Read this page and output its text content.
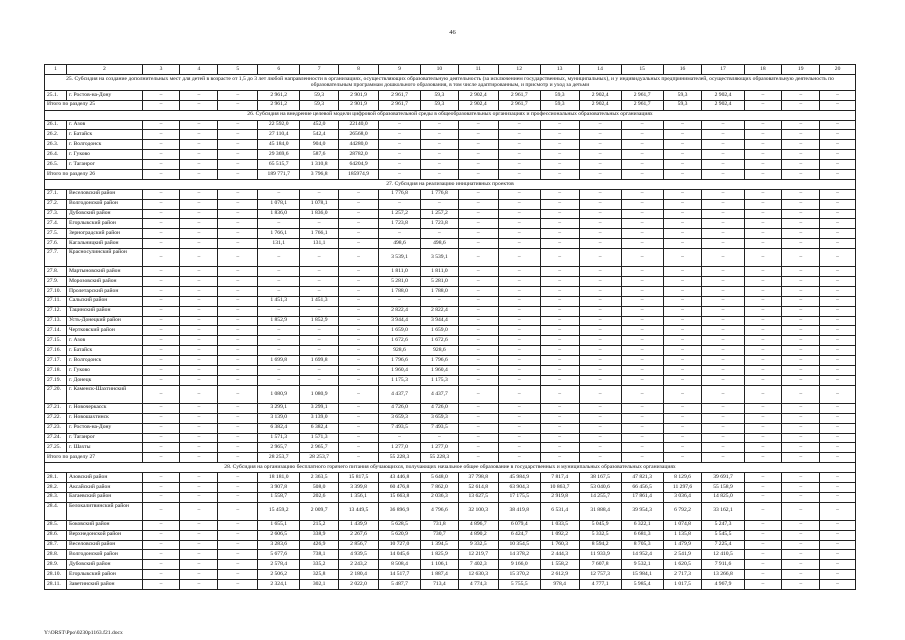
46
1	2	3	4	5	6	7	8	9	10	11	12	13	14	15	16	17	18	19	20
25. Субсидия на создание дополнительных мест для детей в возрасте от 1,5 до 3 лет любой направленности в организациях, осуществляющих образовательную деятельность (за исключением государственных, муниципальных), и у индивидуальных предпринимателей, осуществляющих образовательную деятельность по образовательным программам дошкольного образования, в том числе адаптированным, и присмотр и уход за детьми																			
25.1.	г. Ростов-на-Дону	–	–	–	2 961,2	59,3	2 901,9	2 961,7	59,3	2 902,4	2 961,7	59,3	2 902,4	2 961,7	59,3	2 902,4	–	–	–
Итого по разделу 25		–	–	–	2 961,2	59,3	2 901,9	2 961,7	59,3	2 902,4	2 961,7	59,3	2 902,4	2 961,7	59,3	2 902,4	–	–	–
26. Субсидия на внедрение целевой модели цифровой образовательной среды в общеобразовательных организациях и профессиональных образовательных организациях																			
26.1.	г. Азов	–	–	–	22 592,0	452,0	22140,0	–	–	–	–	–	–	–	–	–	–	–	–
26.2.	г. Батайск	–	–	–	27 110,4	542,4	26568,0	–	–	–	–	–	–	–	–	–	–	–	–
26.3.	г. Волгодонск	–	–	–	45 184,0	904,0	44280,0	–	–	–	–	–	–	–	–	–	–	–	–
26.4.	г. Гуково	–	–	–	29 369,6	587,6	28782,0	–	–	–	–	–	–	–	–	–	–	–	–
26.5.	г. Таганрог	–	–	–	65 515,7	1 310,8	64204,9	–	–	–	–	–	–	–	–	–	–	–	–
Итого по разделу 26		–	–	–	189 771,7	3 796,8	185974,9	–	–	–	–	–	–	–	–	–	–	–	–
27. Субсидия на реализацию инициативных проектов																			
27.1.	Веселовский район	–	–	–	–	–	–	1 776,8	1 776,8	–	–	–	–	–	–	–	–	–	–
27.2.	Волгодонской район	–	–	–	1 078,1	1 078,1	–	–	–	–	–	–	–	–	–	–	–	–	–
27.3.	Дубовский район	–	–	–	1 836,0	1 836,0	–	1 257,2	1 257,2	–	–	–	–	–	–	–	–	–	–
27.4.	Егорлыкский район	–	–	–	–	–	–	1 723,8	1 723,8	–	–	–	–	–	–	–	–	–	–
27.5.	Зерноградский район	–	–	–	1 766,1	1 766,1	–	–	–	–	–	–	–	–	–	–	–	–	–
27.6.	Кагальницкий район	–	–	–	131,1	131,1	–	498,6	498,6	–	–	–	–	–	–	–	–	–	–
27.7.	Красносулинский район	–	–	–	–	–	–	3 539,1	3 539,1	–	–	–	–	–	–	–	–	–	–
27.8.	Мартыновский район	–	–	–	–	–	–	1 811,0	1 811,0	–	–	–	–	–	–	–	–	–	–
27.9.	Морозовский район	–	–	–	–	–	–	5 281,0	5 281,0	–	–	–	–	–	–	–	–	–	–
27.10.	Пролетарский район	–	–	–	–	–	–	1 788,0	1 788,0	–	–	–	–	–	–	–	–	–	–
27.11.	Сальский район	–	–	–	1 451,3	1 451,3	–	–	–	–	–	–	–	–	–	–	–	–	–
27.12.	Тацинский район	–	–	–	–	–	–	2 822,4	2 822,4	–	–	–	–	–	–	–	–	–	–
27.13.	Усть-Донецкий район	–	–	–	1 852,9	1 852,9	–	3 944,4	3 944,4	–	–	–	–	–	–	–	–	–	–
27.14.	Чертковский район	–	–	–	–	–	–	1 659,0	1 659,0	–	–	–	–	–	–	–	–	–	–
27.15.	г. Азов	–	–	–	–	–	–	1 672,6	1 672,6	–	–	–	–	–	–	–	–	–	–
27.16.	г. Батайск	–	–	–	–	–	–	928,6	928,6	–	–	–	–	–	–	–	–	–	–
27.17.	г. Волгодонск	–	–	–	1 699,8	1 699,8	–	1 796,6	1 796,6	–	–	–	–	–	–	–	–	–	–
27.18.	г. Гуково	–	–	–	–	–	–	1 960,4	1 960,4	–	–	–	–	–	–	–	–	–	–
27.19.	г. Донецк	–	–	–	–	–	–	1 175,3	1 175,3	–	–	–	–	–	–	–	–	–	–
27.20.	г. Каменск-Шахтинский	–	–	–	1 080,9	1 080,9	–	4 437,7	4 437,7	–	–	–	–	–	–	–	–	–	–
27.21.	г. Новочеркасск	–	–	–	3 299,1	3 299,1	–	4 726,0	4 726,0	–	–	–	–	–	–	–	–	–	–
27.22.	г. Новошахтинск	–	–	–	3 139,0	3 139,0	–	3 659,3	3 659,3	–	–	–	–	–	–	–	–	–	–
27.23.	г. Ростов-на-Дону	–	–	–	6 382,4	6 382,4	–	7 493,5	7 493,5	–	–	–	–	–	–	–	–	–	–
27.24.	г. Таганрог	–	–	–	1 571,3	1 571,3	–	–	–	–	–	–	–	–	–	–	–	–	–
27.25.	г. Шахты	–	–	–	2 965,7	2 965,7	–	1 277,0	1 277,0	–	–	–	–	–	–	–	–	–	–
Итого по разделу 27		–	–	–	28 253,7	28 253,7	–	55 228,3	55 228,3	–	–	–	–	–	–	–	–	–	–
28. Субсидия на организацию бесплатного горячего питания обучающихся, получающих начальное общее образование в государственных и муниципальных образовательных организациях																			
28.1.	Азовский район	–	–	–	18 181,0	2 363,5	15 817,5	43 446,8	5 648,0	37 798,8	45 984,9	7 817,4	38 167,5	47 821,3	8 129,6	39 691,7	–	–	–
28.2.	Аксайский район	–	–	–	3 907,8	508,0	3 399,8	60 476,8	7 862,0	52 614,8	63 904,3	10 863,7	53 040,6	66 456,5	11 297,6	55 158,9	–	–	–
28.3.	Багаевский район	–	–	–	1 558,7	202,6	1 356,1	15 663,8	2 036,3	13 627,5	17 175,5	2 919,8	14 255,7	17 861,4	3 036,4	14 825,0	–	–	–
28.4.	Белокалитвинский район	–	–	–	15 459,2	2 009,7	13 449,5	36 896,9	4 796,6	32 100,3	38 419,8	6 531,4	31 888,4	39 954,3	6 792,2	33 162,1	–	–	–
28.5.	Боковский район	–	–	–	1 655,1	215,2	1 439,9	5 628,5	731,8	4 896,7	6 079,4	1 033,5	5 045,9	6 322,1	1 074,8	5 247,3	–	–	–
28.6.	Верхнедонской район	–	–	–	2 606,5	338,9	2 267,6	5 620,9	730,7	4 890,2	6 424,7	1 092,2	5 332,5	6 681,3	1 135,8	5 545,5	–	–	–
28.7.	Веселовский район	–	–	–	3 283,6	426,9	2 856,7	10 727,0	1 394,5	9 332,5	10 354,5	1 760,3	8 594,2	8 705,3	1 479,9	7 225,4	–	–	–
28.8.	Волгодонской район	–	–	–	5 677,6	738,1	4 939,5	14 045,6	1 825,9	12 219,7	14 378,2	2 444,3	11 933,9	14 952,4	2 541,9	12 410,5	–	–	–
28.9.	Дубовский район	–	–	–	2 578,4	335,2	2 243,2	8 508,4	1 106,1	7 402,3	9 166,0	1 558,2	7 607,8	9 532,1	1 620,5	7 911,6	–	–	–
28.10.	Егорлыкский район	–	–	–	2 506,2	325,8	2 180,4	14 517,7	1 887,4	12 630,3	15 370,2	2 612,9	12 757,3	15 984,1	2 717,3	13 266,8	–	–	–
28.11.	Заветинский район	–	–	–	2 324,1	302,1	2 022,0	5 487,7	713,4	4 774,3	5 755,5	978,4	4 777,1	5 985,4	1 017,5	4 967,9	–	–	–
Y:\ORST\Ppo\0230p1163.f21.docx
